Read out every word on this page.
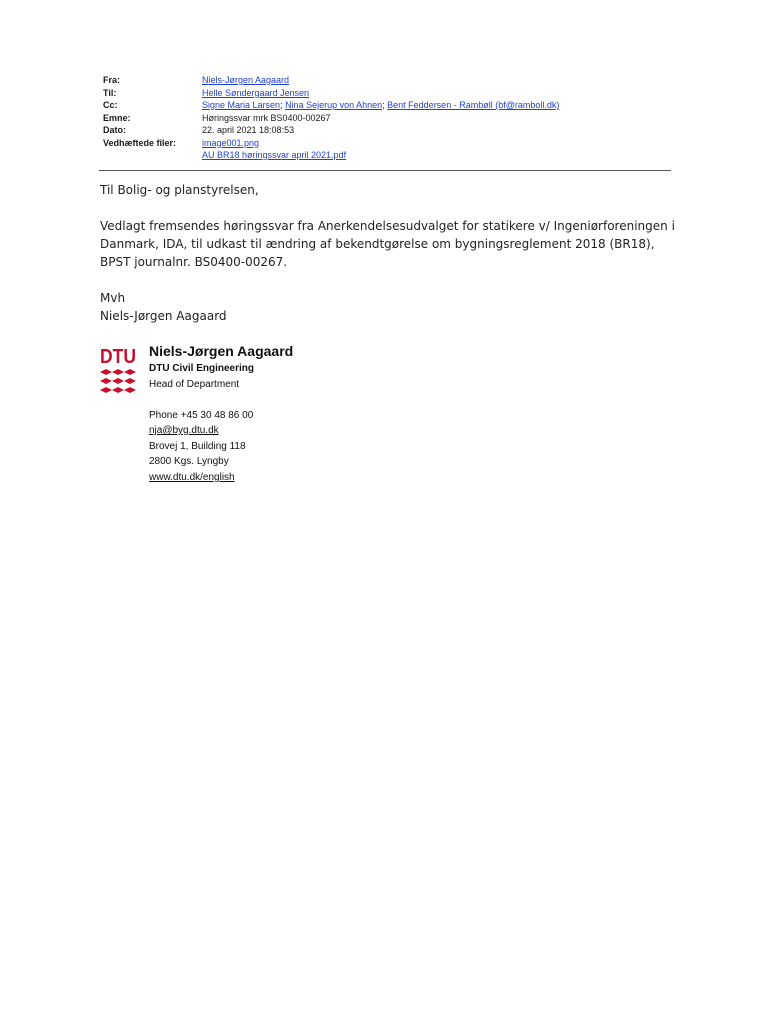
Fra:	Niels-Jørgen Aagaard
Til:	Helle Søndergaard Jensen
Cc:	Signe Maria Larsen; Nina Sejerup von Ahnen; Bent Feddersen - Rambøll (bf@ramboll.dk)
Emne:	Høringssvar mrk BS0400-00267
Dato:	22. april 2021 18:08:53
Vedhæftede filer:	image001.png
AU BR18 høringssvar april 2021.pdf

Til Bolig- og planstyrelsen,

Vedlagt fremsendes høringssvar fra Anerkendelsesudvalget for statikere v/ Ingeniørforeningen i Danmark, IDA, til udkast til ændring af bekendtgørelse om bygningsreglement 2018 (BR18), BPST journalnr. BS0400-00267.

Mvh

Niels-Jørgen Aagaard

DTU Niels-Jørgen Aagaard
DTU Civil Engineering
Head of Department
Phone +45 30 48 86 00
nja@byg.dtu.dk
Brovej 1, Building 118
2800 Kgs. Lyngby
www.dtu.dk/english
